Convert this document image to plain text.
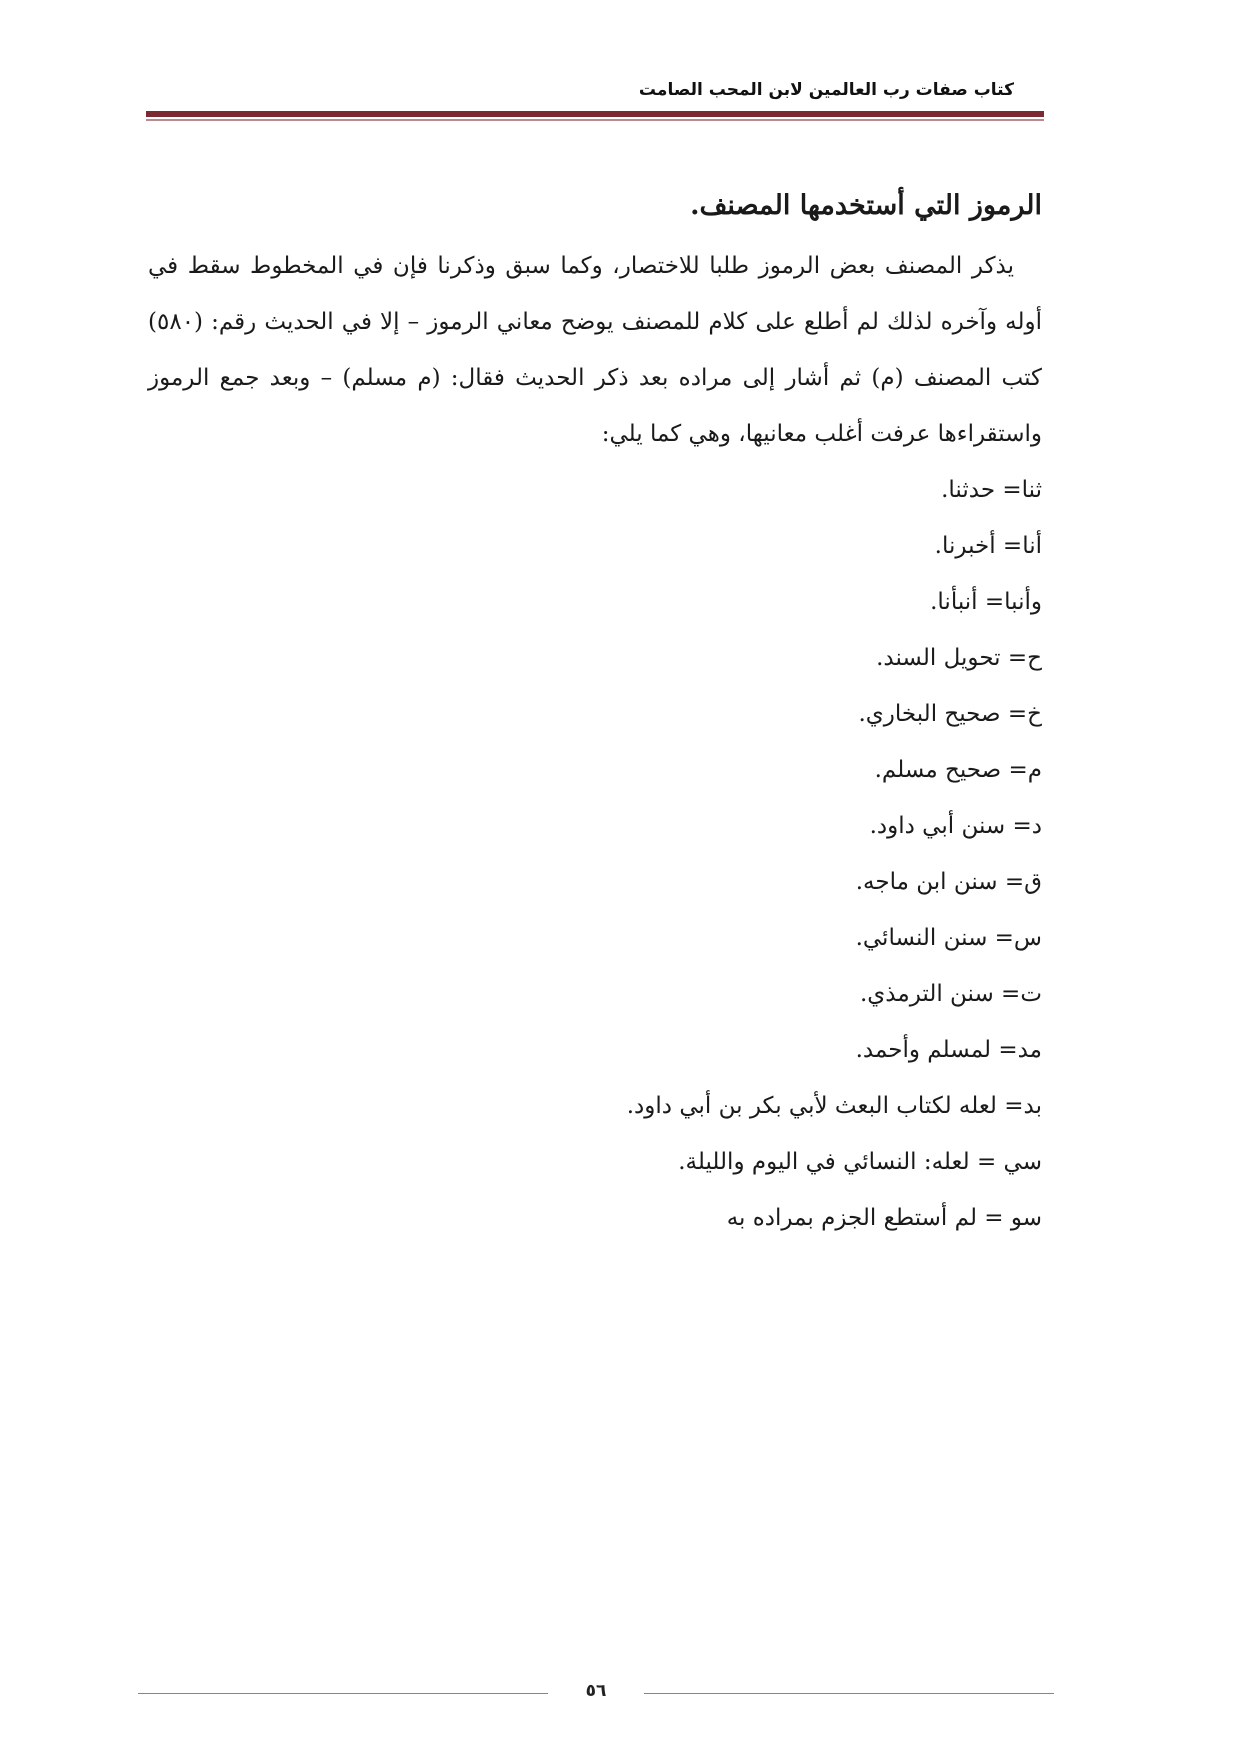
كتاب صفات رب العالمين لابن المحب الصامت
الرموز التي أستخدمها المصنف.

يذكر المصنف بعض الرموز طلبا للاختصار، وكما سبق وذكرنا فإن في المخطوط سقط في أوله وآخره لذلك لم أطلع على كلام للمصنف يوضح معاني الرموز – إلا في الحديث رقم: (٥٨٠) كتب المصنف (م) ثم أشار إلى مراده بعد ذكر الحديث فقال: (م مسلم) – وبعد جمع الرموز واستقراءها عرفت أغلب معانيها، وهي كما يلي:

ثنا= حدثنا.
أنا= أخبرنا.
وأنبا= أنبأنا.
ح= تحويل السند.
خ= صحيح البخاري.
م= صحيح مسلم.
د= سنن أبي داود.
ق= سنن ابن ماجه.
س= سنن النسائي.
ت= سنن الترمذي.
مد= لمسلم وأحمد.
بد= لعله لكتاب البعث لأبي بكر بن أبي داود.
سي = لعله: النسائي في اليوم والليلة.
سو = لم أستطع الجزم بمراده به
٥٦
